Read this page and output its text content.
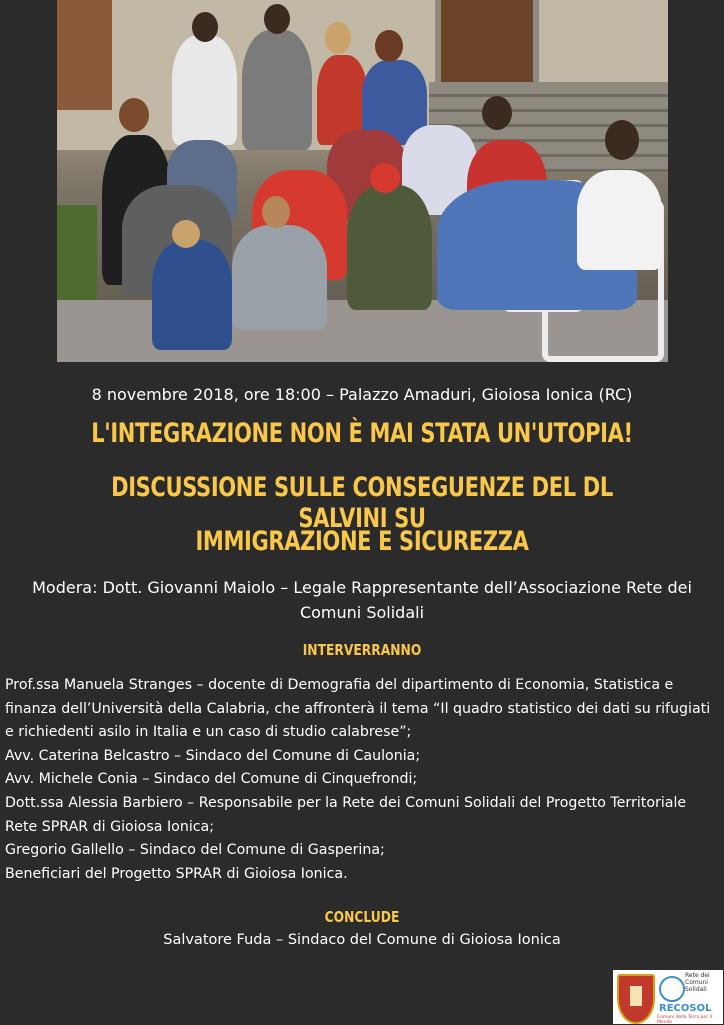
8 novembre 2018, ore 18:00 – Palazzo Amaduri, Gioiosa Ionica (RC)
L'INTEGRAZIONE NON È MAI STATA UN'UTOPIA!
DISCUSSIONE SULLE CONSEGUENZE DEL DL SALVINI SU
IMMIGRAZIONE E SICUREZZA
Modera: Dott. Giovanni Maiolo – Legale Rappresentante dell’Associazione Rete dei
Comuni Solidali
INTERVERRANNO
Prof.ssa Manuela Stranges – docente di Demografia del dipartimento di Economia, Statistica e finanza dell’Università della Calabria, che affronterà il tema “Il quadro statistico dei dati su rifugiati e richiedenti asilo in Italia e un caso di studio calabrese”;
Avv. Caterina Belcastro – Sindaco del Comune di Caulonia;
Avv. Michele Conia – Sindaco del Comune di Cinquefrondi;
Dott.ssa Alessia Barbiero – Responsabile per la Rete dei Comuni Solidali del Progetto Territoriale Rete SPRAR di Gioiosa Ionica;
Gregorio Gallello – Sindaco del Comune di Gasperina;
Beneficiari del Progetto SPRAR di Gioiosa Ionica.
CONCLUDE
Salvatore Fuda – Sindaco del Comune di Gioiosa Ionica
Rete dei Comuni Solidali
RECOSOL
Comuni della Terra per il Mondo
